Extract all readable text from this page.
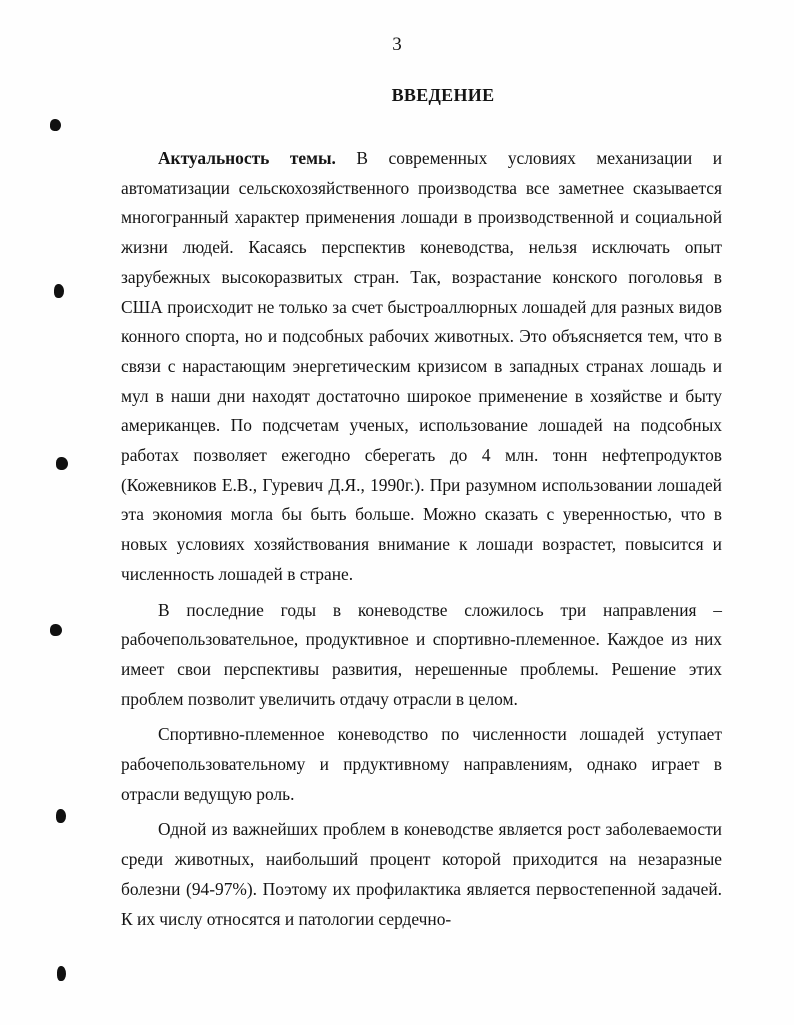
3
ВВЕДЕНИЕ

Актуальность темы. В современных условиях механизации и автоматизации сельскохозяйственного производства все заметнее сказывается многогранный характер применения лошади в производственной и социальной жизни людей. Касаясь перспектив коневодства, нельзя исключать опыт зарубежных высокоразвитых стран. Так, возрастание конского поголовья в США происходит не только за счет быстроаллюрных лошадей для разных видов конного спорта, но и подсобных рабочих животных. Это объясняется тем, что в связи с нарастающим энергетическим кризисом в западных странах лошадь и мул в наши дни находят достаточно широкое применение в хозяйстве и быту американцев. По подсчетам ученых, использование лошадей на подсобных работах позволяет ежегодно сберегать до 4 млн. тонн нефтепродуктов (Кожевников Е.В., Гуревич Д.Я., 1990г.). При разумном использовании лошадей эта экономия могла бы быть больше. Можно сказать с уверенностью, что в новых условиях хозяйствования внимание к лошади возрастет, повысится и численность лошадей в стране.

В последние годы в коневодстве сложилось три направления – рабочепользовательное, продуктивное и спортивно-племенное. Каждое из них имеет свои перспективы развития, нерешенные проблемы. Решение этих проблем позволит увеличить отдачу отрасли в целом.

Спортивно-племенное коневодство по численности лошадей уступает рабочепользовательному и прдуктивному направлениям, однако играет в отрасли ведущую роль.

Одной из важнейших проблем в коневодстве является рост заболеваемости среди животных, наибольший процент которой приходится на незаразные болезни (94-97%). Поэтому их профилактика является первостепенной задачей. К их числу относятся и патологии сердечно-
